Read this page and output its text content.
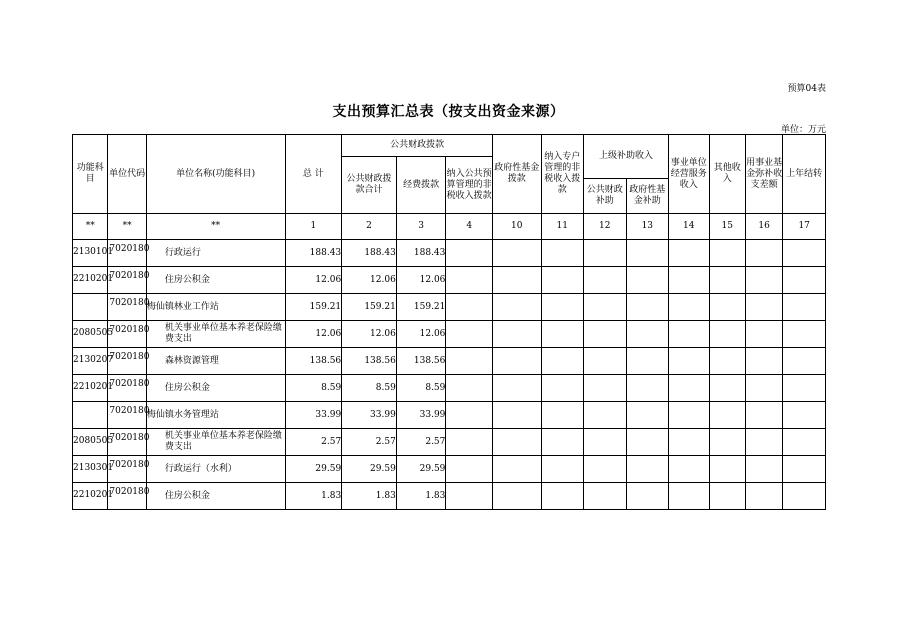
预算04表
支出预算汇总表（按支出资金来源）
单位：万元
功能科目	单位代码	单位名称(功能科目)	总 计	公共财政拨款			政府性基金拨款	纳入专户管理的非税收入拨款	上级补助收入		事业单位经营服务收入	其他收入	用事业基金弥补收支差额	上年结转
				公共财政拨款合计	经费拨款	纳入公共预算管理的非税收入拨款								
									公共财政补助	政府性基金补助				
**	**	**	1	2	3	4	10	11	12	13	14	15	16	17
2130101	7020180	行政运行	188.43	188.43	188.43									
2210201	7020180	住房公积金	12.06	12.06	12.06									

	7020180	梅仙镇林业工作站	159.21	159.21	159.21									
2080505	7020180	机关事业单位基本养老保险缴费支出	12.06	12.06	12.06									
2130207	7020180	森林资源管理	138.56	138.56	138.56									
2210201	7020180	住房公积金	8.59	8.59	8.59									

	7020180	梅仙镇水务管理站	33.99	33.99	33.99									
2080505	7020180	机关事业单位基本养老保险缴费支出	2.57	2.57	2.57									
2130301	7020180	行政运行（水利）	29.59	29.59	29.59									
2210201	7020180	住房公积金	1.83	1.83	1.83									
